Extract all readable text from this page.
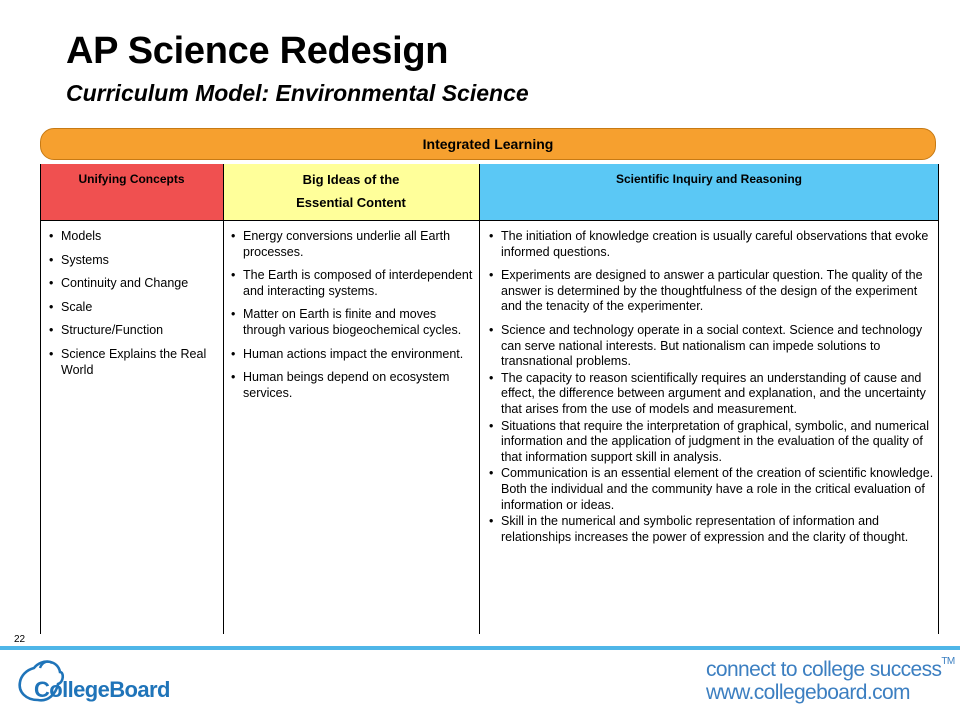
AP Science Redesign
Curriculum Model: Environmental Science
Integrated Learning
Unifying Concepts	Big Ideas of the
Essential Content
Scientific Inquiry and Reasoning
• Models
• Systems
• Continuity and Change
• Scale
• Structure/Function
• Science Explains the Real World
• Energy conversions underlie all Earth processes.
• The Earth is composed of interdependent and interacting systems.
• Matter on Earth is finite and moves through various biogeochemical cycles.
• Human actions impact the environment.
• Human beings depend on ecosystem services.
• The initiation of knowledge creation is usually careful observations that evoke informed questions.
• Experiments are designed to answer a particular question. The quality of the answer is determined by the thoughtfulness of the design of the experiment and the tenacity of the experimenter.
• Science and technology operate in a social context. Science and technology can serve national interests. But nationalism can impede solutions to transnational problems.
• The capacity to reason scientifically requires an understanding of cause and effect, the difference between argument and explanation, and the uncertainty that arises from the use of models and measurement.
• Situations that require the interpretation of graphical, symbolic, and numerical information and the application of judgment in the evaluation of the quality of that information support skill in analysis.
• Communication is an essential element of the creation of scientific knowledge. Both the individual and the community have a role in the critical evaluation of information or ideas.
• Skill in the numerical and symbolic representation of information and relationships increases the power of expression and the clarity of thought.
22
CollegeBoard
connect to college success™
www.collegeboard.com
